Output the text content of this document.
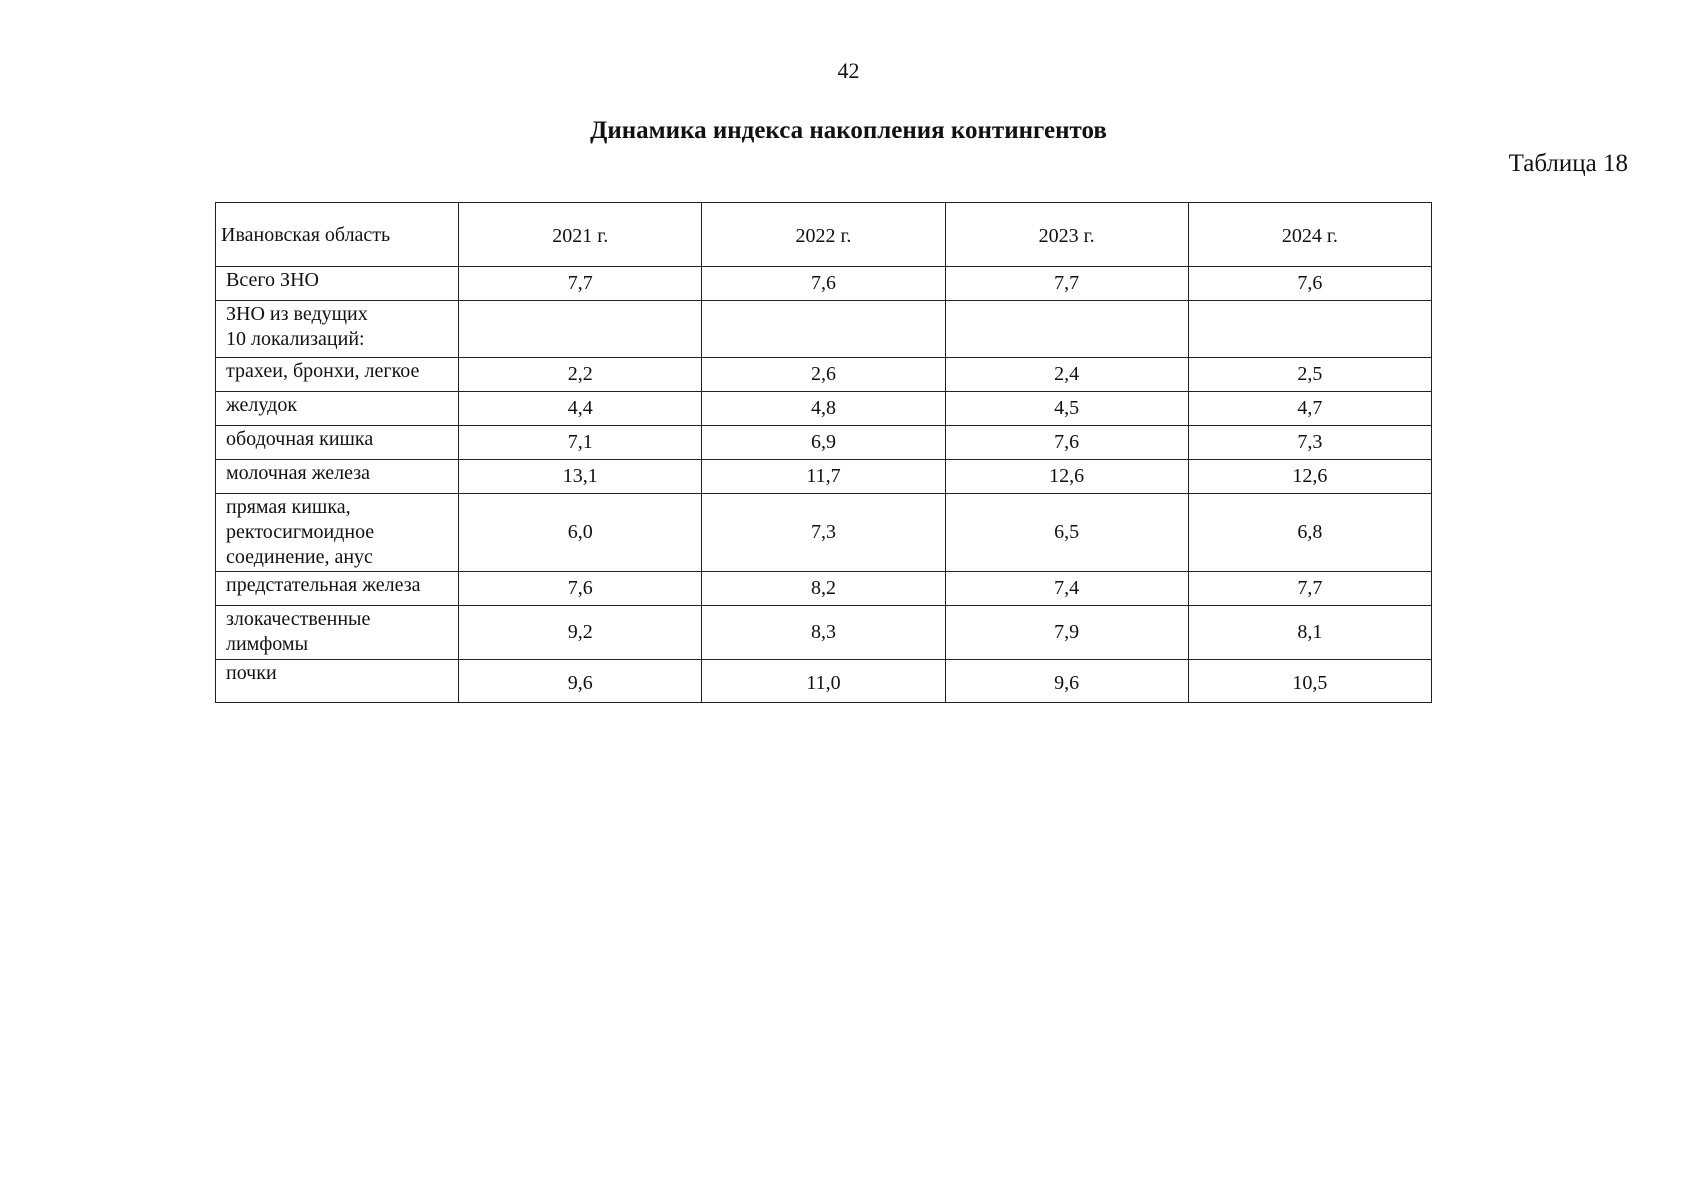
42
Динамика индекса накопления контингентов
Таблица 18
Ивановская область	2021 г.	2022 г.	2023 г.	2024 г.

Всего ЗНО	7,7	7,6	7,7	7,6

ЗНО из ведущих
10 локализаций:				

трахеи, бронхи, легкое	2,2	2,6	2,4	2,5

желудок	4,4	4,8	4,5	4,7

ободочная кишка	7,1	6,9	7,6	7,3

молочная железа	13,1	11,7	12,6	12,6

прямая кишка,
ректосигмоидное
соединение, анус	6,0	7,3	6,5	6,8

предстательная железа	7,6	8,2	7,4	7,7

злокачественные
лимфомы	9,2	8,3	7,9	8,1

почки	9,6	11,0	9,6	10,5
